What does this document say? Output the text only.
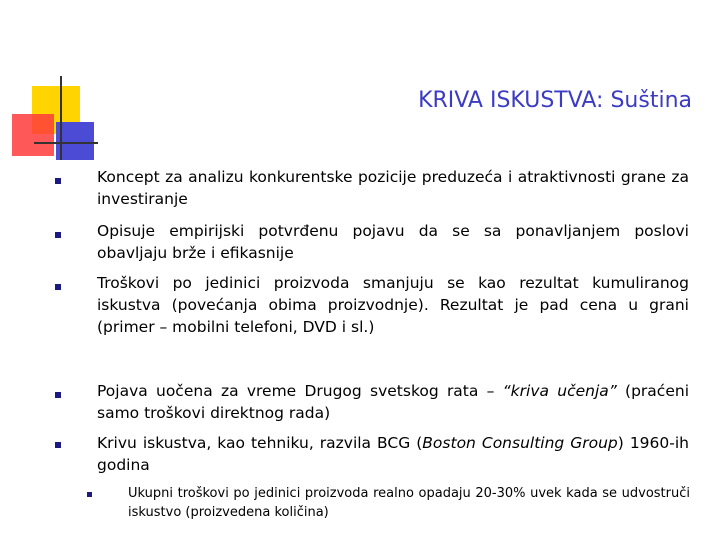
KRIVA ISKUSTVA: Suština
Koncept za analizu konkurentske pozicije preduzeća i atraktivnosti grane za investiranje
Opisuje empirijski potvrđenu pojavu da se sa ponavljanjem poslovi obavljaju brže i efikasnije
Troškovi po jedinici proizvoda smanjuju se kao rezultat kumuliranog iskustva (povećanja obima proizvodnje). Rezultat je pad cena u grani (primer – mobilni telefoni, DVD i sl.)
Pojava uočena za vreme Drugog svetskog rata – “kriva učenja” (praćeni samo troškovi direktnog rada)
Krivu iskustva, kao tehniku, razvila BCG (Boston Consulting Group) 1960-ih godina
Ukupni troškovi po jedinici proizvoda realno opadaju 20-30% uvek kada se udvostruči iskustvo (proizvedena količina)
